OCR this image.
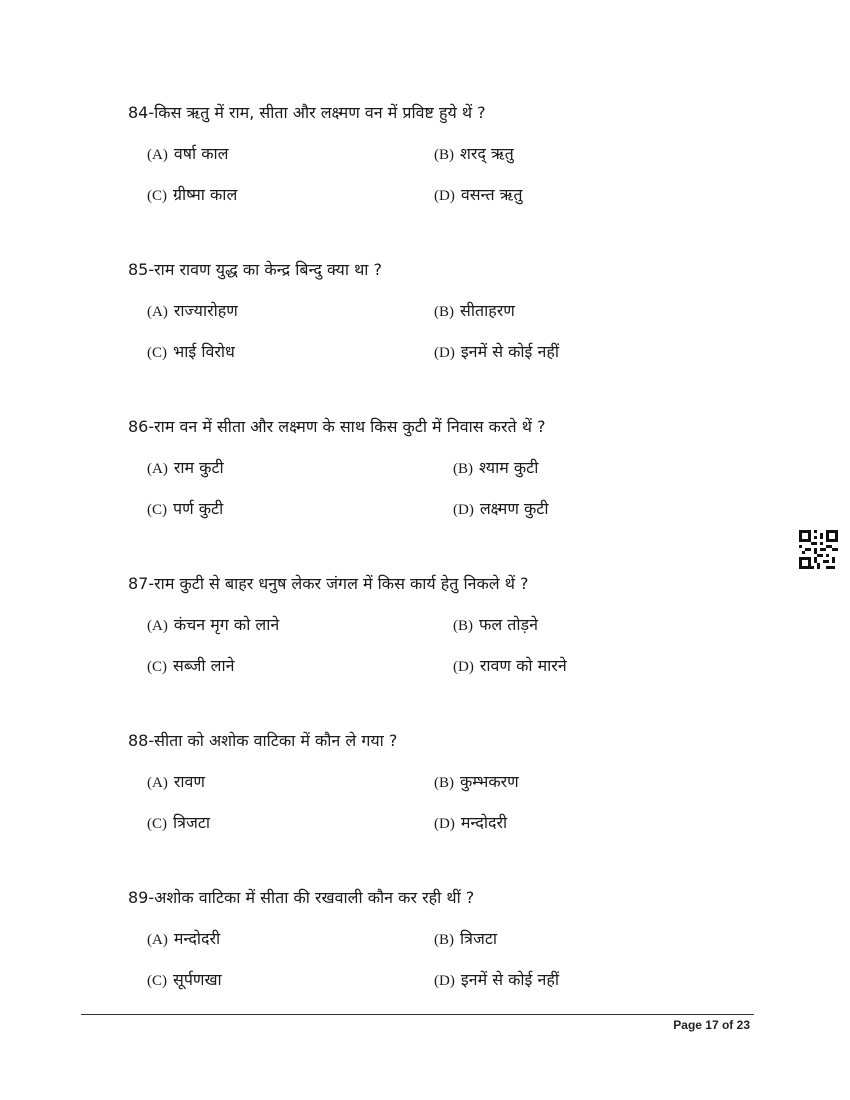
84-किस ऋतु में राम, सीता और लक्ष्मण वन में प्रविष्ट हुये थें ?
(A) वर्षा काल	(B) शरद् ऋतु
(C) ग्रीष्मा काल	(D) वसन्त ऋतु
85-राम रावण युद्ध का केन्द्र बिन्दु क्या था ?
(A) राज्यारोहण	(B) सीताहरण
(C) भाई विरोध	(D) इनमें से कोई नहीं
86-राम वन में सीता और लक्ष्मण के साथ किस कुटी में निवास करते थें ?
(A) राम कुटी	(B) श्याम कुटी
(C) पर्ण कुटी	(D) लक्ष्मण कुटी
87-राम कुटी से बाहर धनुष लेकर जंगल में किस कार्य हेतु निकले थें ?
(A) कंचन मृग को लाने	(B) फल तोड़ने
(C) सब्जी लाने	(D) रावण को मारने
88-सीता को अशोक वाटिका में कौन ले गया ?
(A) रावण	(B) कुम्भकरण
(C) त्रिजटा	(D) मन्दोदरी
89-अशोक वाटिका में सीता की रखवाली कौन कर रही थीं ?
(A) मन्दोदरी	(B) त्रिजटा
(C) सूर्पणखा	(D) इनमें से कोई नहीं
Page 17 of 23
